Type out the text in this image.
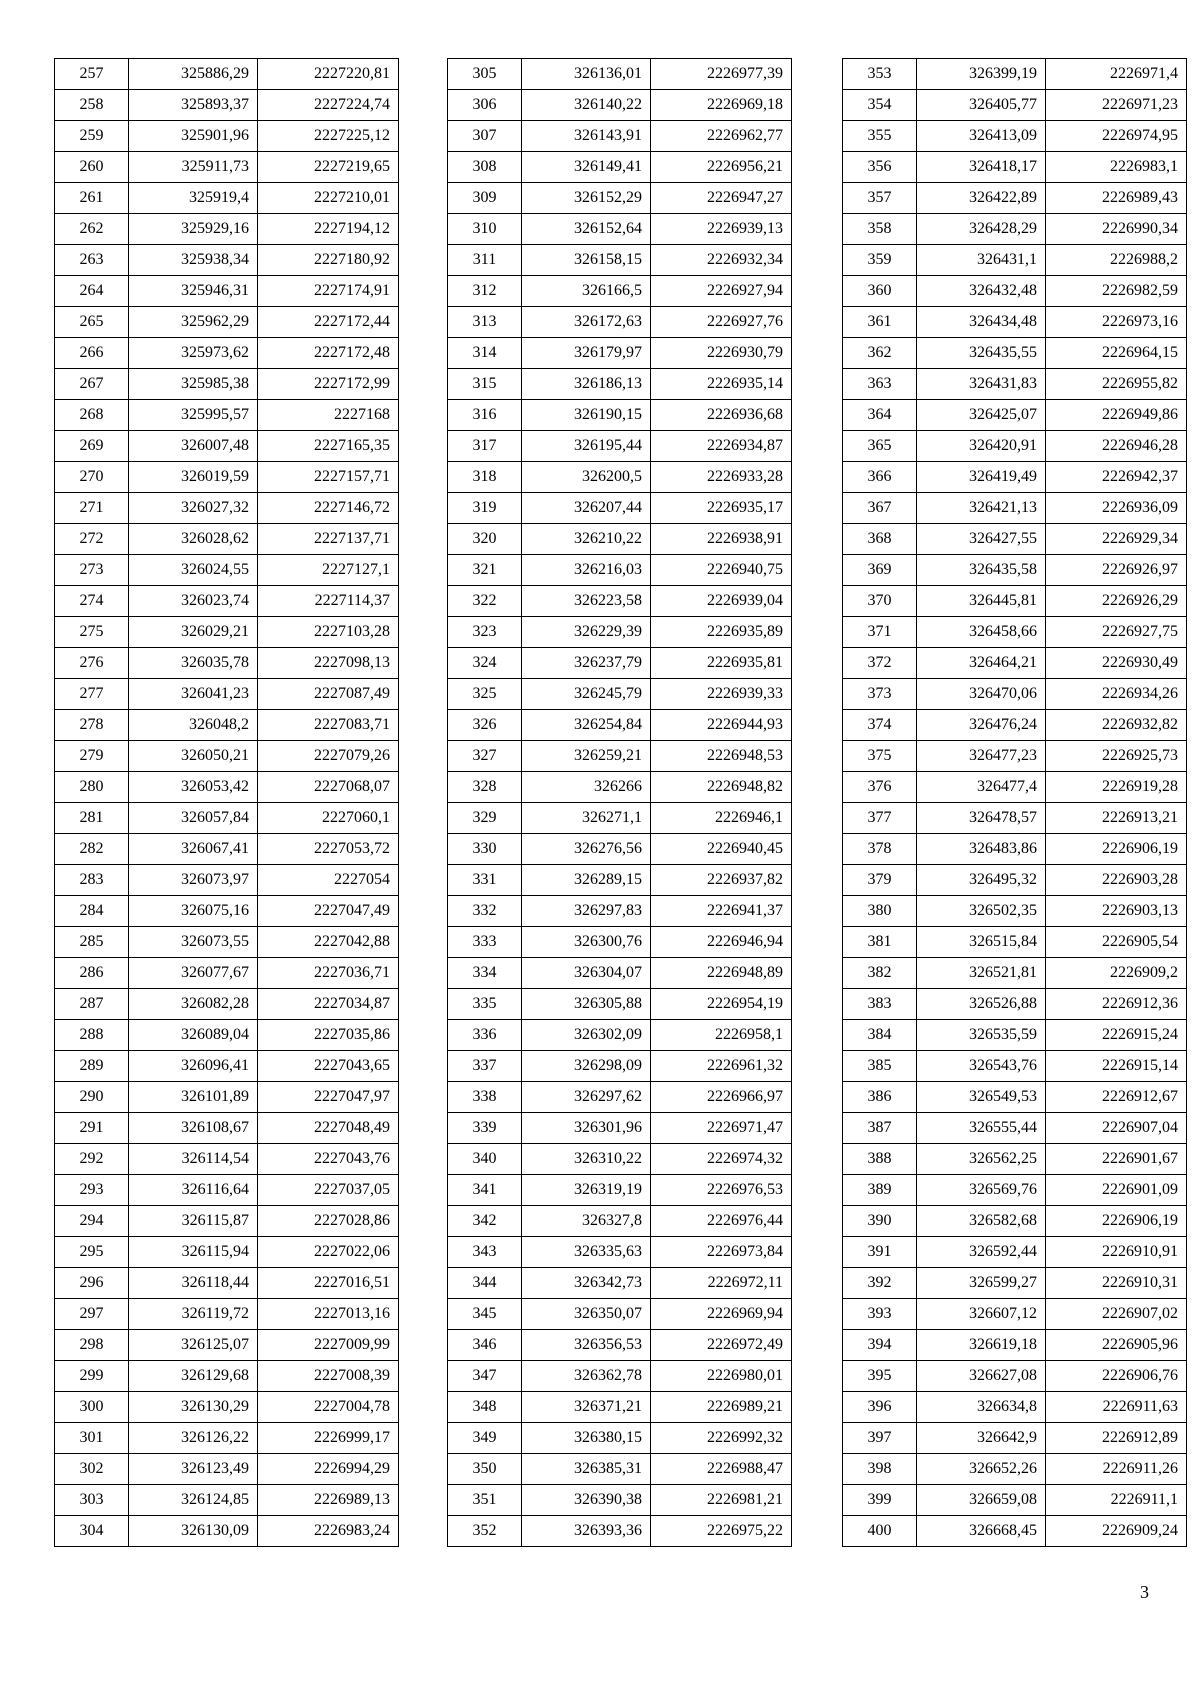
257	325886,29	2227220,81
258	325893,37	2227224,74
259	325901,96	2227225,12
260	325911,73	2227219,65
261	325919,4	2227210,01
262	325929,16	2227194,12
263	325938,34	2227180,92
264	325946,31	2227174,91
265	325962,29	2227172,44
266	325973,62	2227172,48
267	325985,38	2227172,99
268	325995,57	2227168
269	326007,48	2227165,35
270	326019,59	2227157,71
271	326027,32	2227146,72
272	326028,62	2227137,71
273	326024,55	2227127,1
274	326023,74	2227114,37
275	326029,21	2227103,28
276	326035,78	2227098,13
277	326041,23	2227087,49
278	326048,2	2227083,71
279	326050,21	2227079,26
280	326053,42	2227068,07
281	326057,84	2227060,1
282	326067,41	2227053,72
283	326073,97	2227054
284	326075,16	2227047,49
285	326073,55	2227042,88
286	326077,67	2227036,71
287	326082,28	2227034,87
288	326089,04	2227035,86
289	326096,41	2227043,65
290	326101,89	2227047,97
291	326108,67	2227048,49
292	326114,54	2227043,76
293	326116,64	2227037,05
294	326115,87	2227028,86
295	326115,94	2227022,06
296	326118,44	2227016,51
297	326119,72	2227013,16
298	326125,07	2227009,99
299	326129,68	2227008,39
300	326130,29	2227004,78
301	326126,22	2226999,17
302	326123,49	2226994,29
303	326124,85	2226989,13
304	326130,09	2226983,24
305	326136,01	2226977,39
306	326140,22	2226969,18
307	326143,91	2226962,77
308	326149,41	2226956,21
309	326152,29	2226947,27
310	326152,64	2226939,13
311	326158,15	2226932,34
312	326166,5	2226927,94
313	326172,63	2226927,76
314	326179,97	2226930,79
315	326186,13	2226935,14
316	326190,15	2226936,68
317	326195,44	2226934,87
318	326200,5	2226933,28
319	326207,44	2226935,17
320	326210,22	2226938,91
321	326216,03	2226940,75
322	326223,58	2226939,04
323	326229,39	2226935,89
324	326237,79	2226935,81
325	326245,79	2226939,33
326	326254,84	2226944,93
327	326259,21	2226948,53
328	326266	2226948,82
329	326271,1	2226946,1
330	326276,56	2226940,45
331	326289,15	2226937,82
332	326297,83	2226941,37
333	326300,76	2226946,94
334	326304,07	2226948,89
335	326305,88	2226954,19
336	326302,09	2226958,1
337	326298,09	2226961,32
338	326297,62	2226966,97
339	326301,96	2226971,47
340	326310,22	2226974,32
341	326319,19	2226976,53
342	326327,8	2226976,44
343	326335,63	2226973,84
344	326342,73	2226972,11
345	326350,07	2226969,94
346	326356,53	2226972,49
347	326362,78	2226980,01
348	326371,21	2226989,21
349	326380,15	2226992,32
350	326385,31	2226988,47
351	326390,38	2226981,21
352	326393,36	2226975,22
353	326399,19	2226971,4
354	326405,77	2226971,23
355	326413,09	2226974,95
356	326418,17	2226983,1
357	326422,89	2226989,43
358	326428,29	2226990,34
359	326431,1	2226988,2
360	326432,48	2226982,59
361	326434,48	2226973,16
362	326435,55	2226964,15
363	326431,83	2226955,82
364	326425,07	2226949,86
365	326420,91	2226946,28
366	326419,49	2226942,37
367	326421,13	2226936,09
368	326427,55	2226929,34
369	326435,58	2226926,97
370	326445,81	2226926,29
371	326458,66	2226927,75
372	326464,21	2226930,49
373	326470,06	2226934,26
374	326476,24	2226932,82
375	326477,23	2226925,73
376	326477,4	2226919,28
377	326478,57	2226913,21
378	326483,86	2226906,19
379	326495,32	2226903,28
380	326502,35	2226903,13
381	326515,84	2226905,54
382	326521,81	2226909,2
383	326526,88	2226912,36
384	326535,59	2226915,24
385	326543,76	2226915,14
386	326549,53	2226912,67
387	326555,44	2226907,04
388	326562,25	2226901,67
389	326569,76	2226901,09
390	326582,68	2226906,19
391	326592,44	2226910,91
392	326599,27	2226910,31
393	326607,12	2226907,02
394	326619,18	2226905,96
395	326627,08	2226906,76
396	326634,8	2226911,63
397	326642,9	2226912,89
398	326652,26	2226911,26
399	326659,08	2226911,1
400	326668,45	2226909,24
3
